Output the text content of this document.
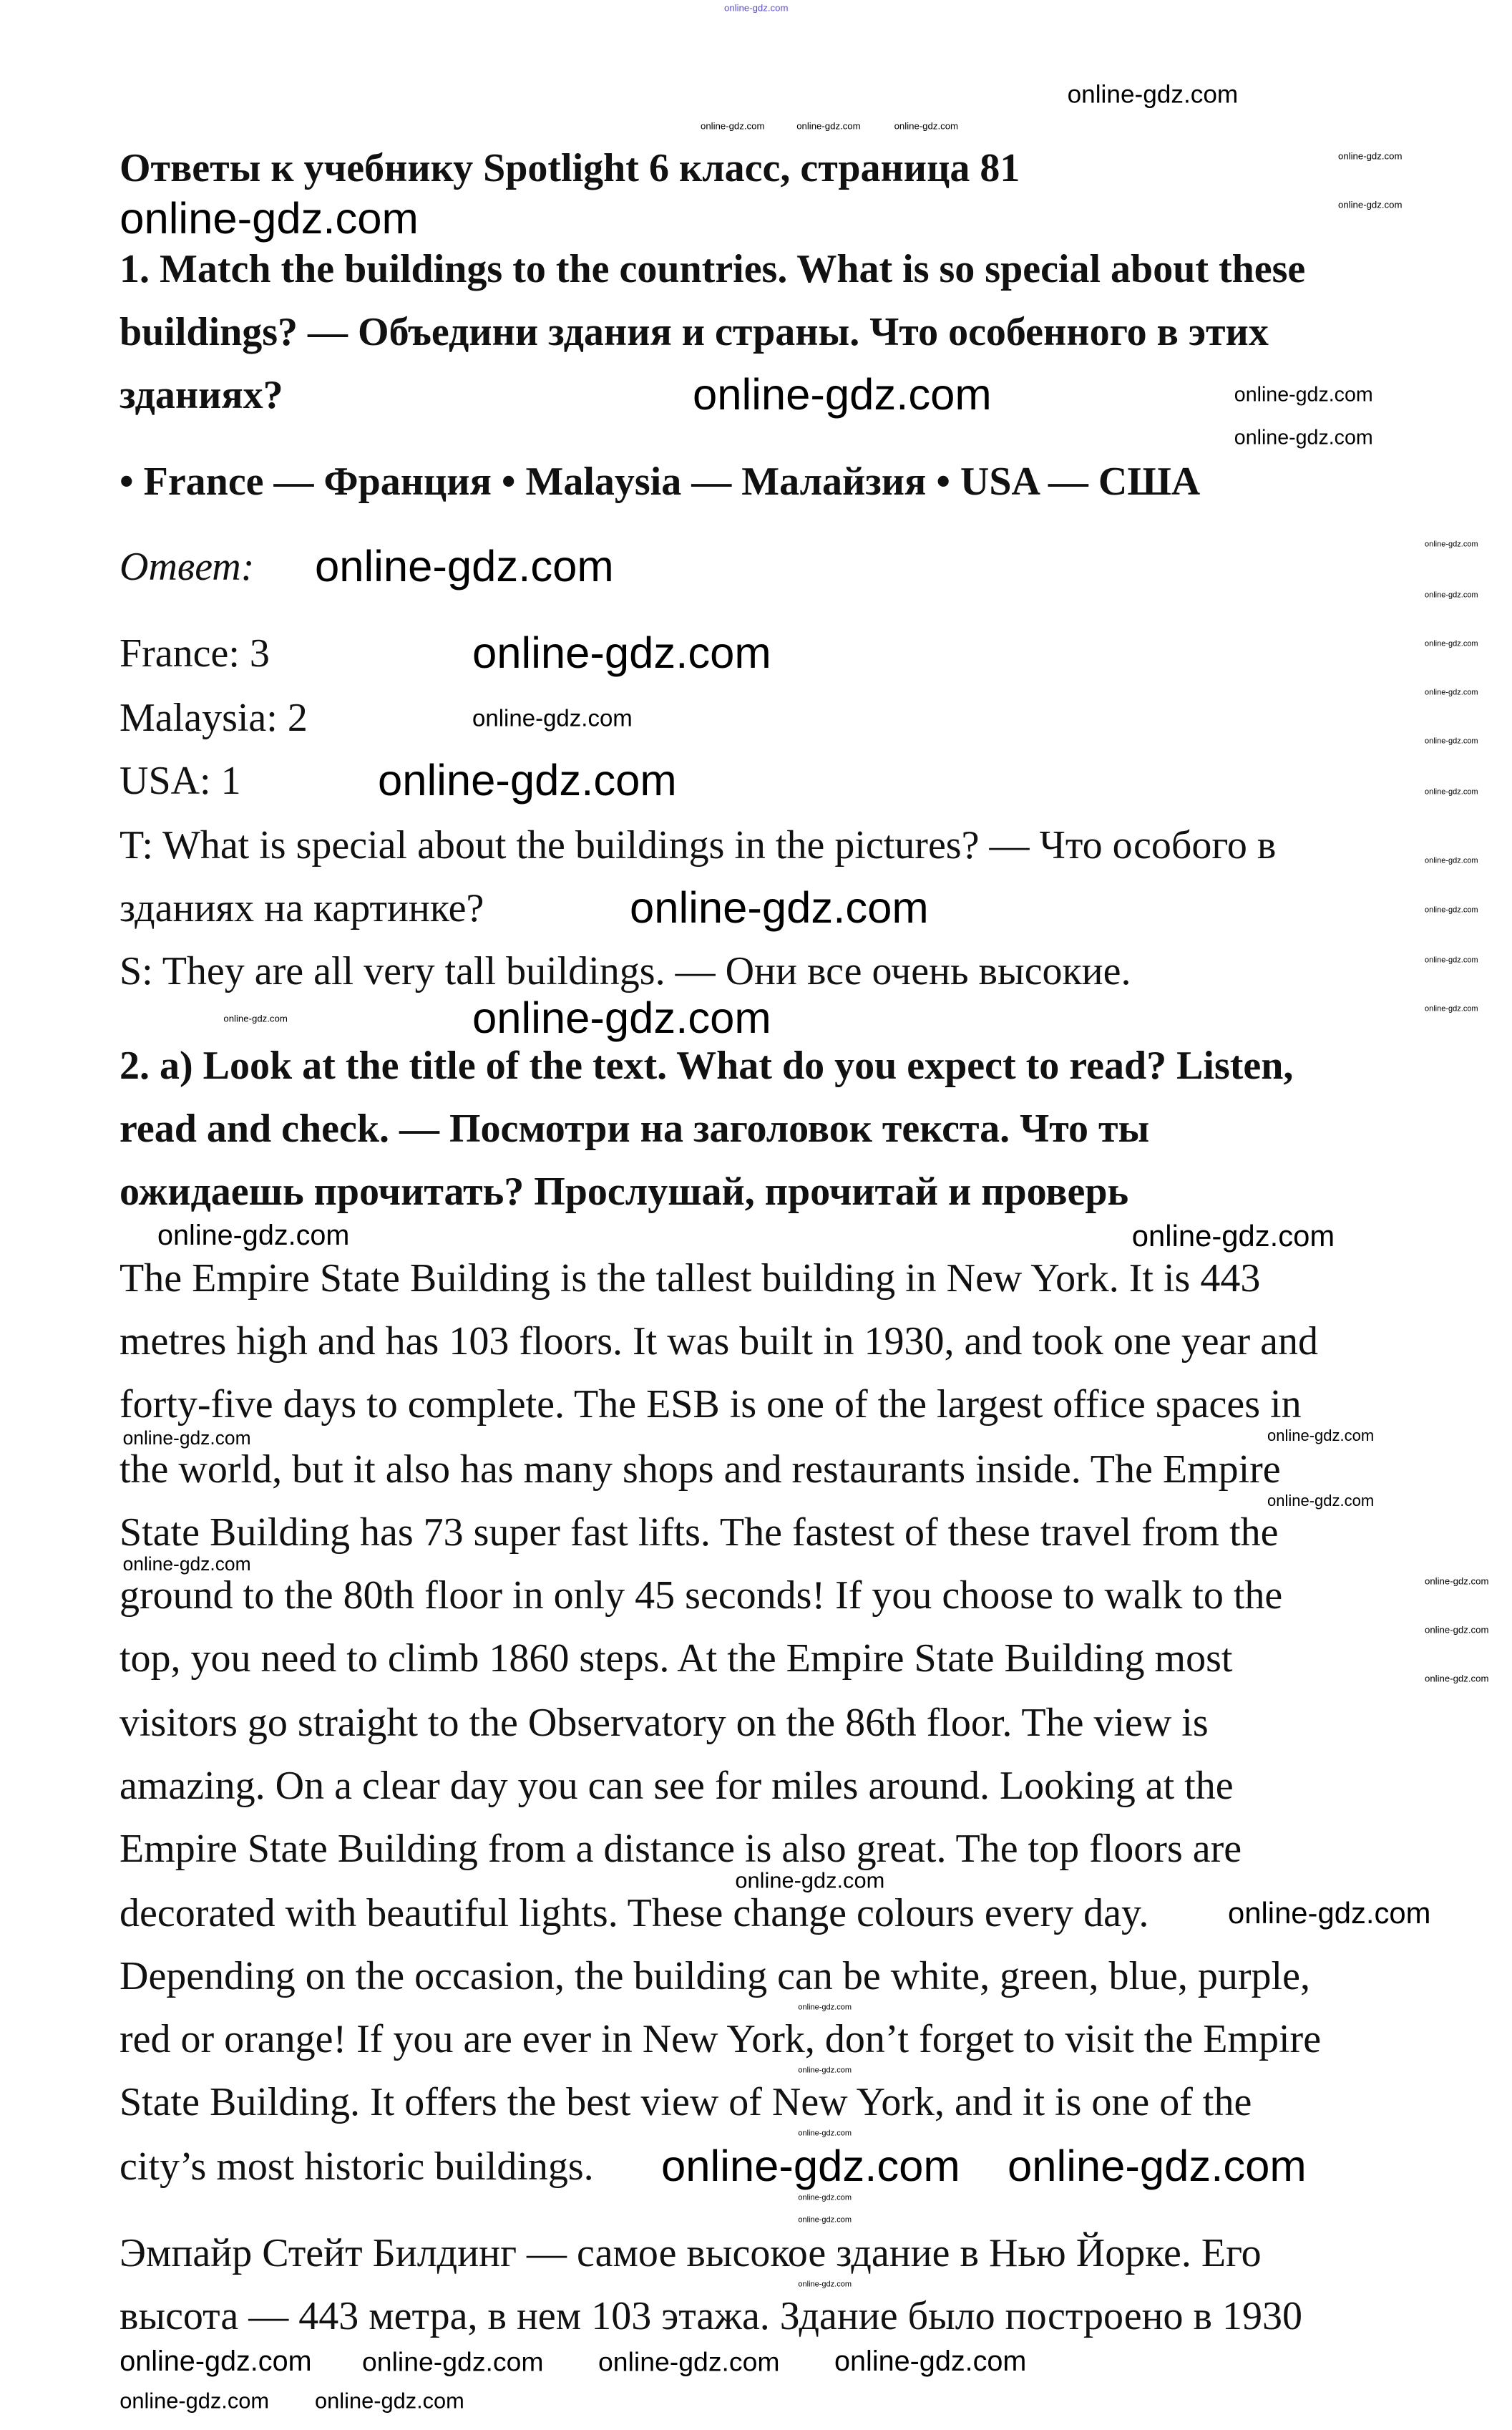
Ответы к учебнику Spotlight 6 класс, страница 81
1. Match the buildings to the countries. What is so special about these
buildings? — Объедини здания и страны. Что особенного в этих
зданиях?
• France — Франция • Malaysia — Малайзия • USA — США
Ответ:
France: 3
Malaysia: 2
USA: 1
T: What is special about the buildings in the pictures? — Что особого в
зданиях на картинке?
S: They are all very tall buildings. — Они все очень высокие.
2. a) Look at the title of the text. What do you expect to read? Listen,
read and check. — Посмотри на заголовок текста. Что ты
ожидаешь прочитать? Прослушай, прочитай и проверь
The Empire State Building is the tallest building in New York. It is 443
metres high and has 103 floors. It was built in 1930, and took one year and
forty-five days to complete. The ESB is one of the largest office spaces in
the world, but it also has many shops and restaurants inside. The Empire
State Building has 73 super fast lifts. The fastest of these travel from the
ground to the 80th floor in only 45 seconds! If you choose to walk to the
top, you need to climb 1860 steps. At the Empire State Building most
visitors go straight to the Observatory on the 86th floor. The view is
amazing. On a clear day you can see for miles around. Looking at the
Empire State Building from a distance is also great. The top floors are
decorated with beautiful lights. These change colours every day.
Depending on the occasion, the building can be white, green, blue, purple,
red or orange! If you are ever in New York, don’t forget to visit the Empire
State Building. It offers the best view of New York, and it is one of the
city’s most historic buildings.
Эмпайр Стейт Билдинг — самое высокое здание в Нью Йорке. Его
высота — 443 метра, в нем 103 этажа. Здание было построено в 1930
online-gdz.com
online-gdz.com
online-gdz.com	online-gdz.com	online-gdz.com
online-gdz.com
online-gdz.com
online-gdz.com
online-gdz.com
online-gdz.com
online-gdz.com
online-gdz.com	online-gdz.com
online-gdz.com
online-gdz.com
online-gdz.com
online-gdz.com
online-gdz.com
online-gdz.com
online-gdz.com
online-gdz.com
online-gdz.com
online-gdz.com
online-gdz.com
online-gdz.com
online-gdz.com
online-gdz.com
online-gdz.com
online-gdz.com
online-gdz.com
online-gdz.com
online-gdz.com
online-gdz.com
online-gdz.com
online-gdz.com
online-gdz.com
online-gdz.com
online-gdz.com
online-gdz.com
online-gdz.com
online-gdz.com
online-gdz.com
online-gdz.com
online-gdz.com
online-gdz.com
online-gdz.com
online-gdz.com
online-gdz.com online-gdz.com online-gdz.com online-gdz.com
online-gdz.com online-gdz.com
